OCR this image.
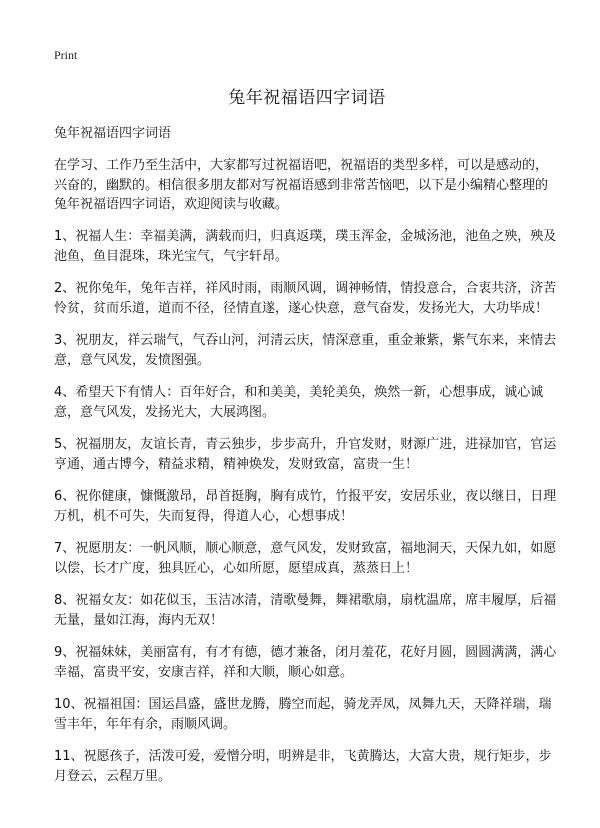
Print
兔年祝福语四字词语

兔年祝福语四字词语

在学习、工作乃至生活中，大家都写过祝福语吧，祝福语的类型多样，可以是感动的，兴奋的，幽默的。相信很多朋友都对写祝福语感到非常苦恼吧，以下是小编精心整理的兔年祝福语四字词语，欢迎阅读与收藏。

1、祝福人生：幸福美满，满载而归，归真返璞，璞玉浑金，金城汤池，池鱼之殃，殃及池鱼，鱼目混珠，珠光宝气，气宇轩昂。

2、祝你兔年，兔年吉祥，祥风时雨，雨顺风调，调神畅情，情投意合，合衷共济，济苦怜贫，贫而乐道，道而不径，径情直遂，遂心快意，意气奋发，发扬光大，大功毕成！

3、祝朋友，祥云瑞气，气吞山河，河清云庆，情深意重，重金兼紫，紫气东来，来情去意，意气风发，发愤图强。

4、希望天下有情人：百年好合，和和美美，美轮美奂，焕然一新，心想事成，诚心诚意，意气风发，发扬光大，大展鸿图。

5、祝福朋友，友谊长青，青云独步，步步高升，升官发财，财源广进，进禄加官，官运亨通，通古博今，精益求精，精神焕发，发财致富，富贵一生！

6、祝你健康，慷慨激昂，昂首挺胸，胸有成竹，竹报平安，安居乐业，夜以继日，日理万机，机不可失，失而复得，得道人心，心想事成！

7、祝愿朋友：一帆风顺，顺心顺意，意气风发，发财致富，福地洞天，天保九如，如愿以偿，长才广度，独具匠心，心如所愿，愿望成真，蒸蒸日上！

8、祝福女友：如花似玉，玉洁冰清，清歌曼舞，舞裙歌扇，扇枕温席，席丰履厚，后福无量，量如江海，海内无双！

9、祝福妹妹，美丽富有，有才有德，德才兼备，闭月羞花，花好月圆，圆圆满满，满心幸福，富贵平安，安康吉祥，祥和大顺，顺心如意。

10、祝福祖国：国运昌盛，盛世龙腾，腾空而起，骑龙弄凤，凤舞九天，天降祥瑞，瑞雪丰年，年年有余，雨顺风调。

11、祝愿孩子，活泼可爱，爱憎分明，明辨是非，飞黄腾达，大富大贵，规行矩步，步月登云，云程万里。
